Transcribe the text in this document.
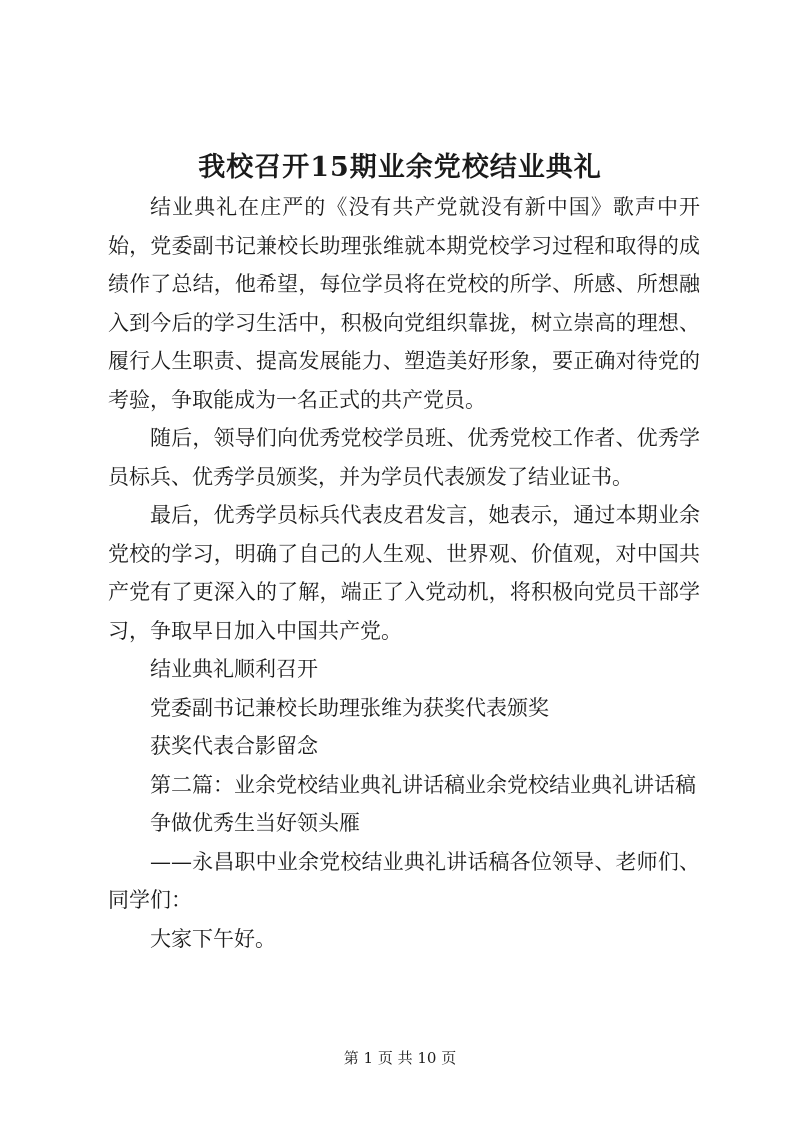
我校召开15期业余党校结业典礼

结业典礼在庄严的《没有共产党就没有新中国》歌声中开始，党委副书记兼校长助理张维就本期党校学习过程和取得的成绩作了总结，他希望，每位学员将在党校的所学、所感、所想融入到今后的学习生活中，积极向党组织靠拢，树立崇高的理想、履行人生职责、提高发展能力、塑造美好形象，要正确对待党的考验，争取能成为一名正式的共产党员。

随后，领导们向优秀党校学员班、优秀党校工作者、优秀学员标兵、优秀学员颁奖，并为学员代表颁发了结业证书。

最后，优秀学员标兵代表皮君发言，她表示，通过本期业余党校的学习，明确了自己的人生观、世界观、价值观，对中国共产党有了更深入的了解，端正了入党动机，将积极向党员干部学习，争取早日加入中国共产党。

结业典礼顺利召开

党委副书记兼校长助理张维为获奖代表颁奖

获奖代表合影留念

第二篇：业余党校结业典礼讲话稿业余党校结业典礼讲话稿

争做优秀生当好领头雁

——永昌职中业余党校结业典礼讲话稿各位领导、老师们、同学们：

大家下午好。

第 1 页 共 10 页
